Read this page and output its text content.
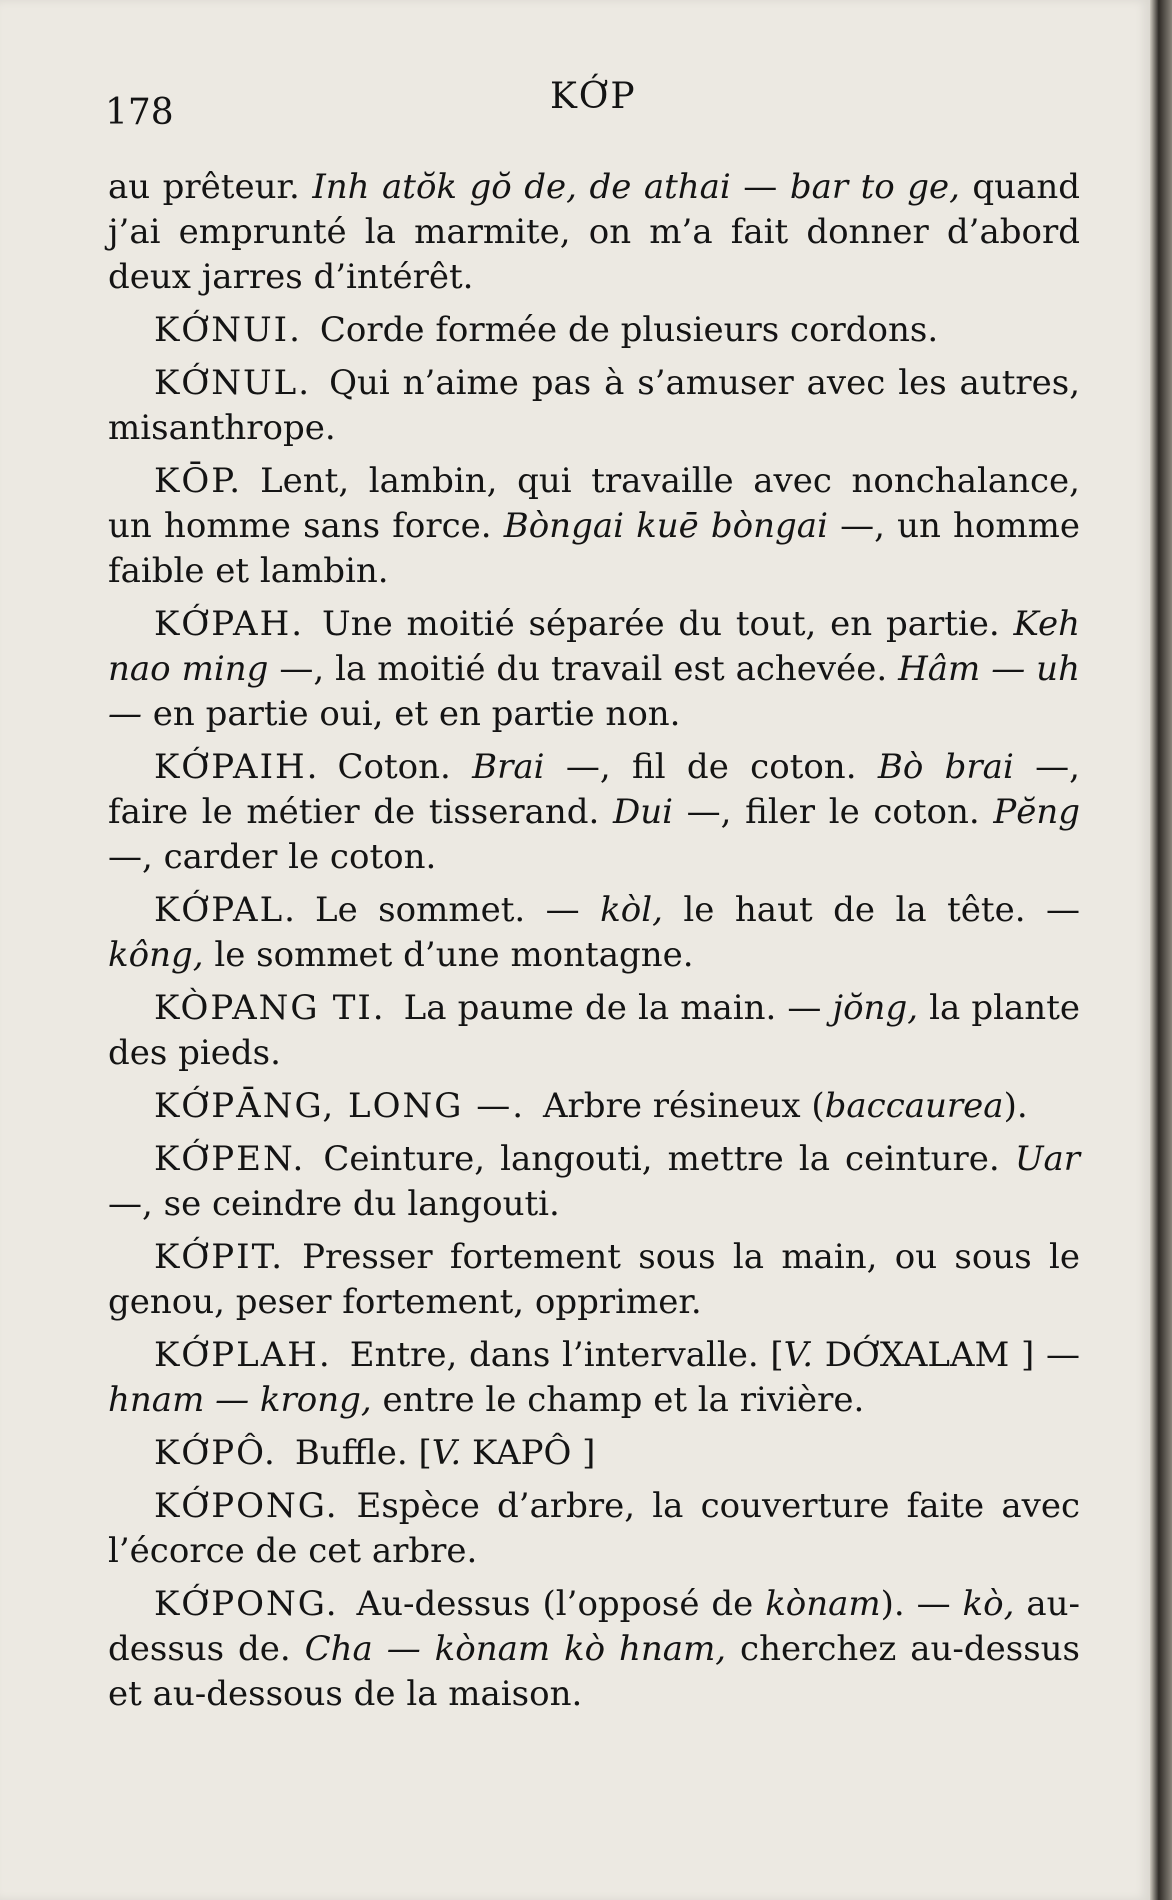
178	KỚP

au prêteur. Inh atŏk gŏ de, de athai — bar to ge, quand j’ai emprunté la marmite, on m’a fait donner d’abord deux jarres d’intérêt.

KỚNUI. Corde formée de plusieurs cordons.

KỚNUL. Qui n’aime pas à s’amuser avec les autres, misanthrope.

KŌP. Lent, lambin, qui travaille avec nonchalance, un homme sans force. Bòngai kuē bòngai —, un homme faible et lambin.

KỚPAH. Une moitié séparée du tout, en partie. Keh nao ming —, la moitié du travail est achevée. Hâm — uh — en partie oui, et en partie non.

KỚPAIH. Coton. Brai —, fil de coton. Bò brai —, faire le métier de tisserand. Dui —, filer le coton. Pĕng —, carder le coton.

KỚPAL. Le sommet. — kòl, le haut de la tête. — kông, le sommet d’une montagne.

KÒPANG TI. La paume de la main. — jŏng, la plante des pieds.

KỚPĀNG, LONG —. Arbre résineux (baccaurea).

KỚPEN. Ceinture, langouti, mettre la ceinture. Uar —, se ceindre du langouti.

KỚPIT. Presser fortement sous la main, ou sous le genou, peser fortement, opprimer.

KỚPLAH. Entre, dans l’intervalle. [V. DỚXALAM ] — hnam — krong, entre le champ et la rivière.

KỚPÔ. Buffle. [V. KAPÔ ]

KỚPONG. Espèce d’arbre, la couverture faite avec l’écorce de cet arbre.

KỚPONG. Au-dessus (l’opposé de kònam). — kò, au-dessus de. Cha — kònam kò hnam, cherchez au-dessus et au-dessous de la maison.
